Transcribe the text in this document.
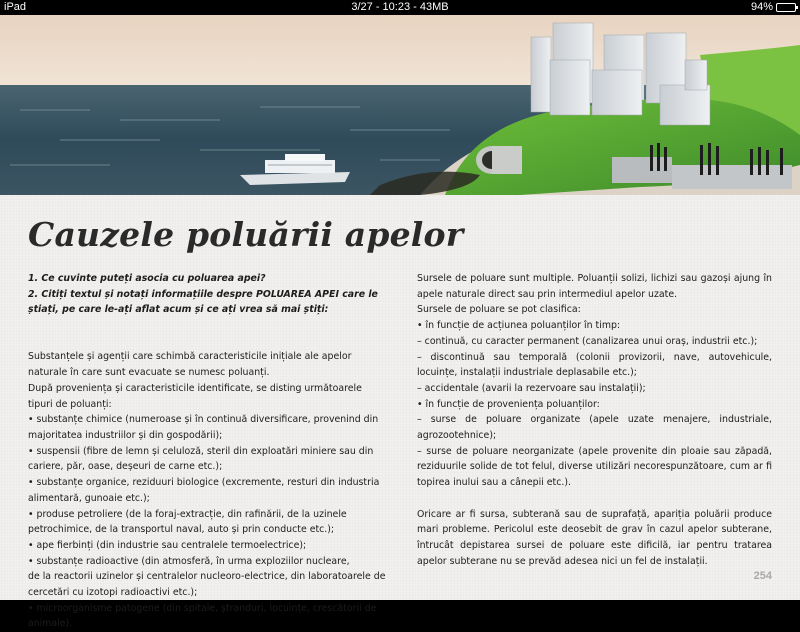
iPad	3/27 - 10:23 - 43MB	94%
Cauzele poluării apelor

1. Ce cuvinte puteți asocia cu poluarea apei?

2. Citiți textul și notați informațiile despre POLUAREA APEI care le știați, pe care le-ați aflat acum și ce ați vrea să mai știți:

Substanțele și agenții care schimbă caracteristicile inițiale ale apelor naturale în care sunt evacuate se numesc poluanți.

După proveniența și caracteristicile identificate, se disting următoarele tipuri de poluanți:

• substanțe chimice (numeroase și în continuă diversificare, provenind din majoritatea industriilor și din gospodării);

• suspensii (fibre de lemn și celuloză, steril din exploatări miniere sau din cariere, păr, oase, deșeuri de carne etc.);

• substanțe organice, reziduuri biologice (excremente, resturi din industria alimentară, gunoaie etc.);

• produse petroliere (de la foraj-extracție, din rafinării, de la uzinele petrochimice, de la transportul naval, auto și prin conducte etc.);

• ape fierbinți (din industrie sau centralele termoelectrice);

• substanțe radioactive (din atmosferă, în urma exploziilor nucleare,

de la reactorii uzinelor și centralelor nucleoro-electrice, din laboratoarele de cercetări cu izotopi radioactivi etc.);

• microorganisme patogene (din spitale, ștranduri, locuințe, crescătorii de animale).

Sursele de poluare sunt multiple. Poluanții solizi, lichizi sau gazoși ajung în apele naturale direct sau prin intermediul apelor uzate.

Sursele de poluare se pot clasifica:

• în funcție de acțiunea poluanților în timp:

– continuă, cu caracter permanent (canalizarea unui oraș, industrii etc.);

– discontinuă sau temporală (colonii provizorii, nave, autovehicule, locuințe, instalații industriale deplasabile etc.);

– accidentale (avarii la rezervoare sau instalații);

• în funcție de proveniența poluanților:

– surse de poluare organizate (apele uzate menajere, industriale, agrozootehnice);

– surse de poluare neorganizate (apele provenite din ploaie sau zăpadă, reziduurile solide de tot felul, diverse utilizări necorespunzătoare, cum ar fi topirea inului sau a cânepii etc.).

Oricare ar fi sursa, subterană sau de suprafață, apariția poluării produce mari probleme. Pericolul este deosebit de grav în cazul apelor subterane, întrucât depistarea sursei de poluare este dificilă, iar pentru tratarea apelor subterane nu se prevăd adesea nici un fel de instalații.

254
